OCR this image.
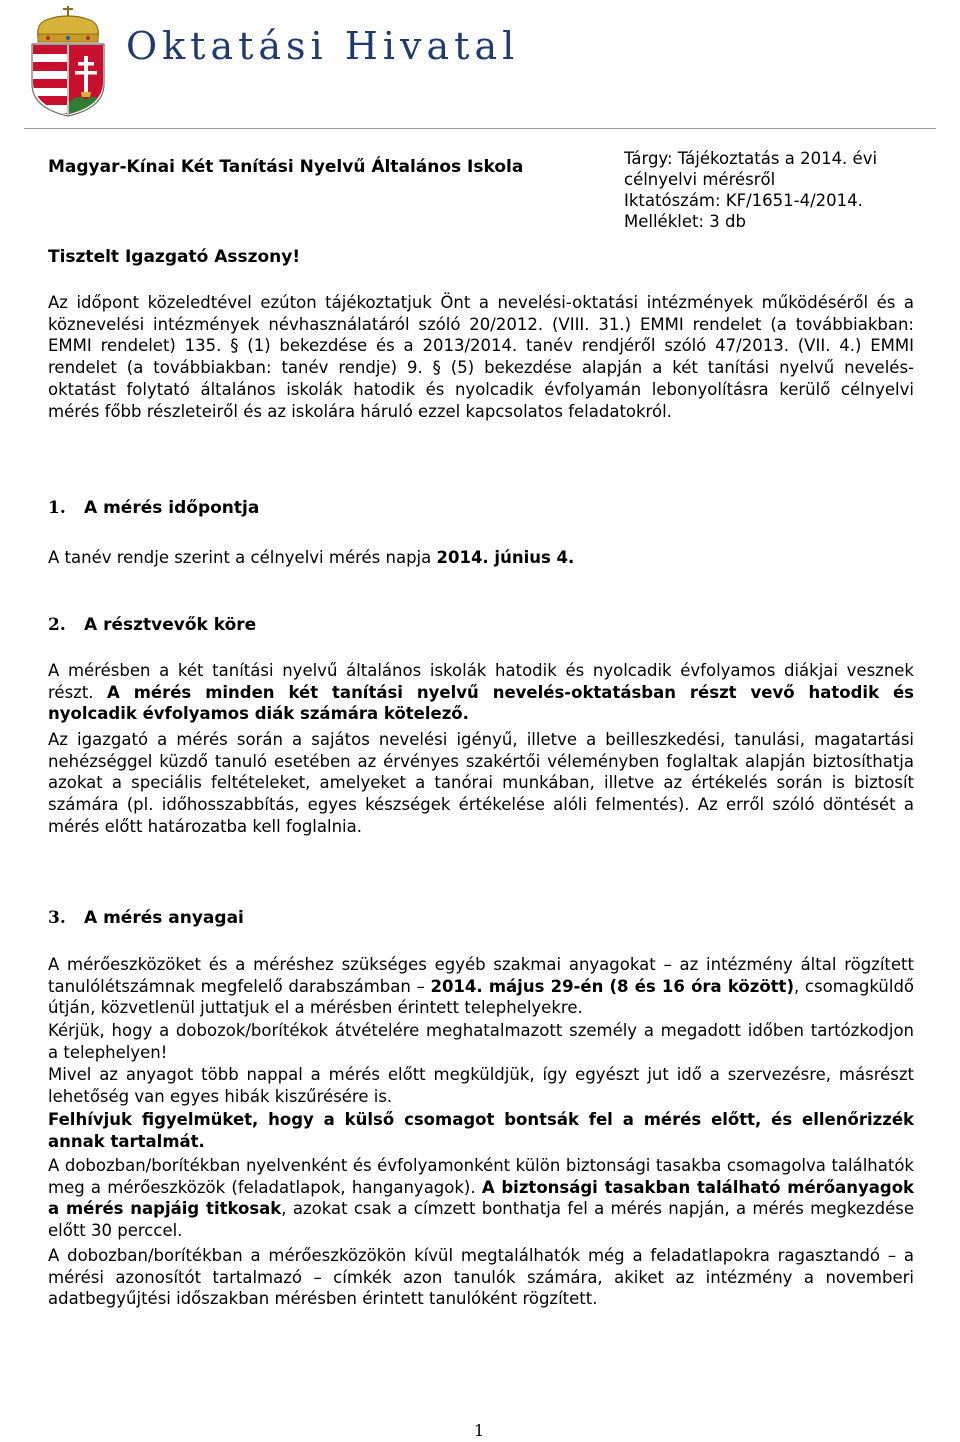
Oktatási Hivatal
Magyar-Kínai Két Tanítási Nyelvű Általános Iskola	Tárgy: Tájékoztatás a 2014. évi
célnyelvi mérésről
Iktatószám: KF/1651-4/2014.
Melléklet: 3 db
Tisztelt Igazgató Asszony!
Az időpont közeledtével ezúton tájékoztatjuk Önt a nevelési-oktatási intézmények működéséről és a köznevelési intézmények névhasználatáról szóló 20/2012. (VIII. 31.) EMMI rendelet (a továbbiakban: EMMI rendelet) 135. § (1) bekezdése és a 2013/2014. tanév rendjéről szóló 47/2013. (VII. 4.) EMMI rendelet (a továbbiakban: tanév rendje) 9. § (5) bekezdése alapján a két tanítási nyelvű nevelés-oktatást folytató általános iskolák hatodik és nyolcadik évfolyamán lebonyolításra kerülő célnyelvi mérés főbb részleteiről és az iskolára háruló ezzel kapcsolatos feladatokról.
1. A mérés időpontja
A tanév rendje szerint a célnyelvi mérés napja 2014. június 4.
2. A résztvevők köre
A mérésben a két tanítási nyelvű általános iskolák hatodik és nyolcadik évfolyamos diákjai vesznek részt. A mérés minden két tanítási nyelvű nevelés-oktatásban részt vevő hatodik és nyolcadik évfolyamos diák számára kötelező.
Az igazgató a mérés során a sajátos nevelési igényű, illetve a beilleszkedési, tanulási, magatartási nehézséggel küzdő tanuló esetében az érvényes szakértői véleményben foglaltak alapján biztosíthatja azokat a speciális feltételeket, amelyeket a tanórai munkában, illetve az értékelés során is biztosít számára (pl. időhosszabbítás, egyes készségek értékelése alóli felmentés). Az erről szóló döntését a mérés előtt határozatba kell foglalnia.
3. A mérés anyagai
A mérőeszközöket és a méréshez szükséges egyéb szakmai anyagokat – az intézmény által rögzített tanulólétszámnak megfelelő darabszámban – 2014. május 29-én (8 és 16 óra között), csomagküldő útján, közvetlenül juttatjuk el a mérésben érintett telephelyekre.
Kérjük, hogy a dobozok/borítékok átvételére meghatalmazott személy a megadott időben tartózkodjon a telephelyen!
Mivel az anyagot több nappal a mérés előtt megküldjük, így egyészt jut idő a szervezésre, másrészt lehetőség van egyes hibák kiszűrésére is.
Felhívjuk figyelmüket, hogy a külső csomagot bontsák fel a mérés előtt, és ellenőrizzék annak tartalmát.
A dobozban/borítékban nyelvenként és évfolyamonként külön biztonsági tasakba csomagolva találhatók meg a mérőeszközök (feladatlapok, hanganyagok). A biztonsági tasakban található mérőanyagok a mérés napjáig titkosak, azokat csak a címzett bonthatja fel a mérés napján, a mérés megkezdése előtt 30 perccel.
A dobozban/borítékban a mérőeszközökön kívül megtalálhatók még a feladatlapokra ragasztandó – a mérési azonosítót tartalmazó – címkék azon tanulók számára, akiket az intézmény a novemberi adatbegyűjtési időszakban mérésben érintett tanulóként rögzített.
1
